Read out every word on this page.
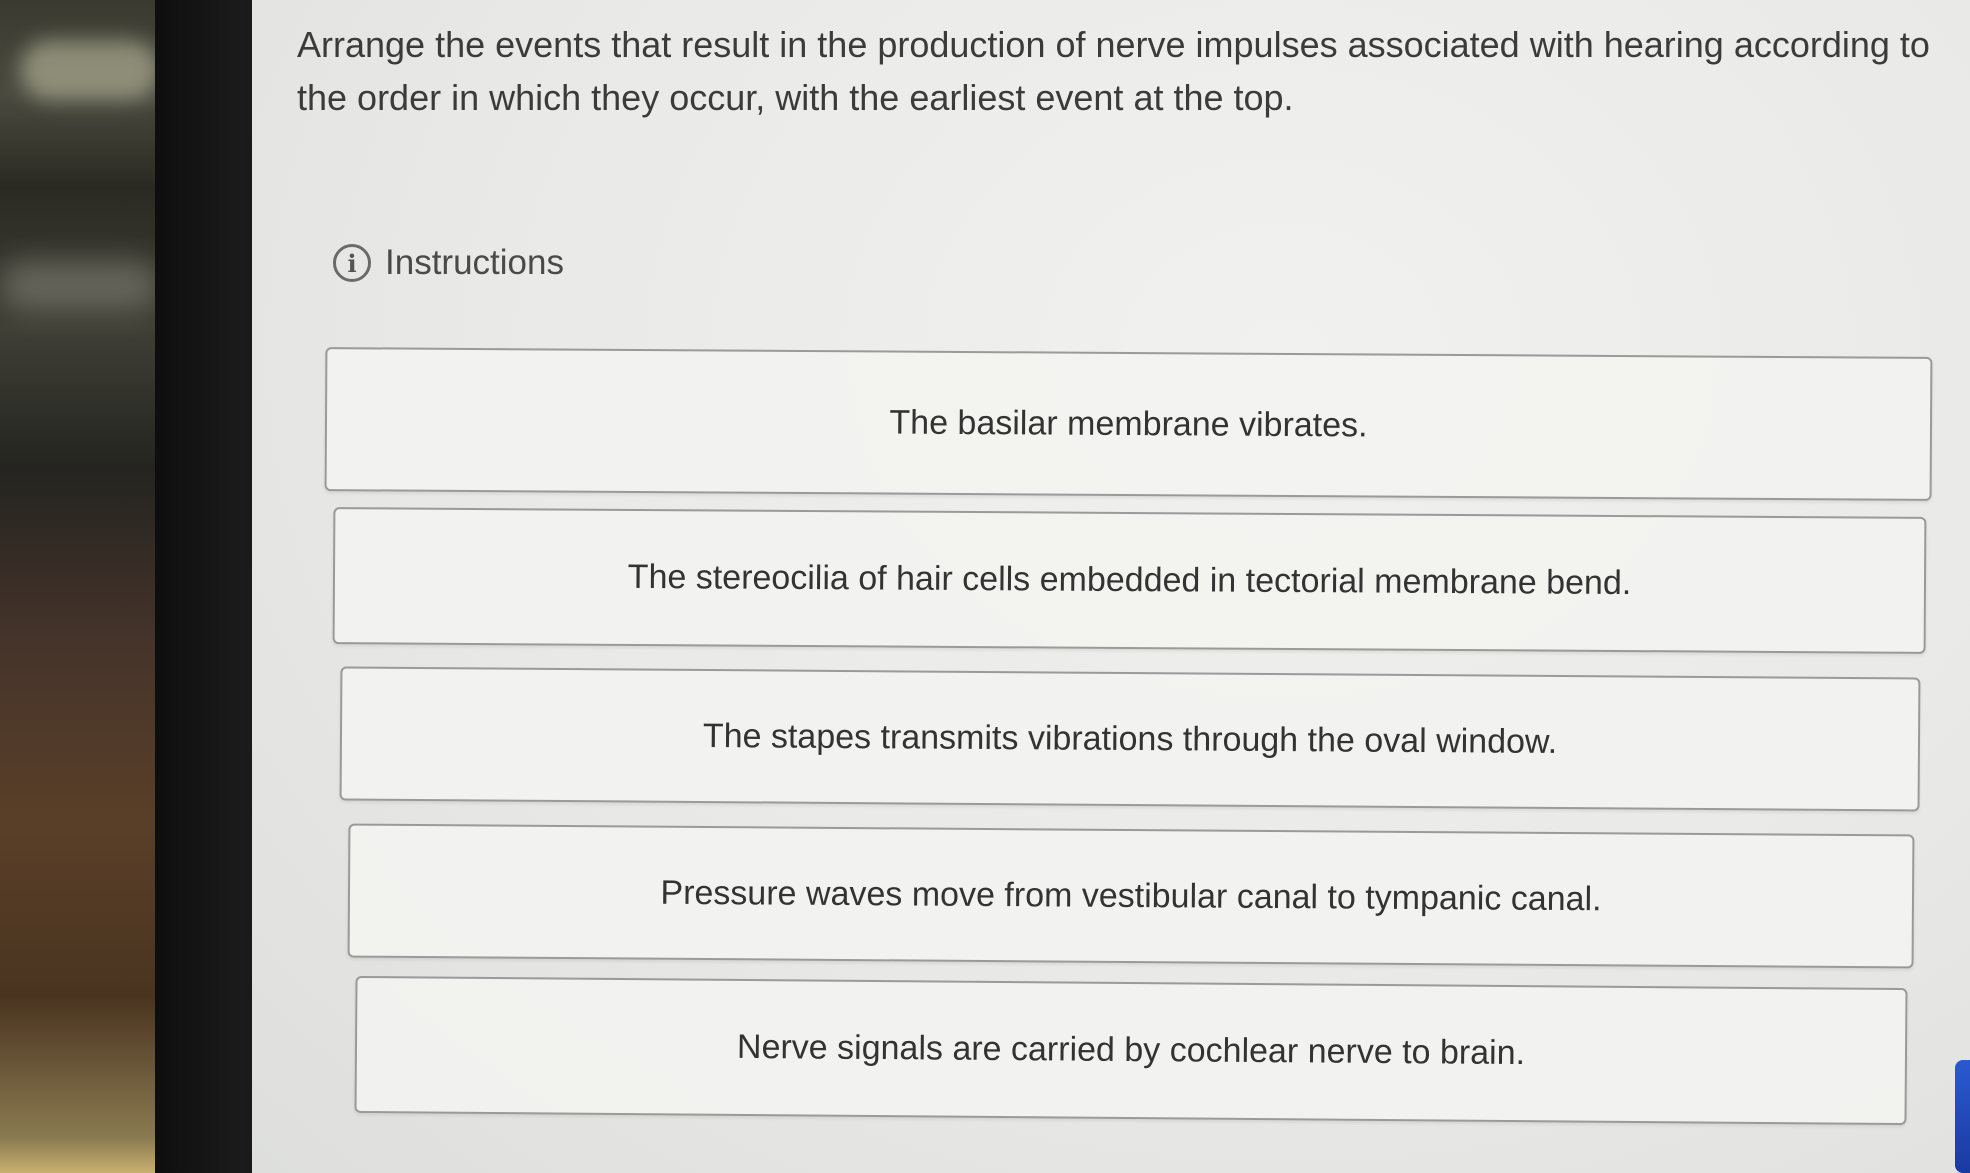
Arrange the events that result in the production of nerve impulses associated with hearing according to the order in which they occur, with the earliest event at the top.

i Instructions
The basilar membrane vibrates.
The stereocilia of hair cells embedded in tectorial membrane bend.
The stapes transmits vibrations through the oval window.
Pressure waves move from vestibular canal to tympanic canal.
Nerve signals are carried by cochlear nerve to brain.
